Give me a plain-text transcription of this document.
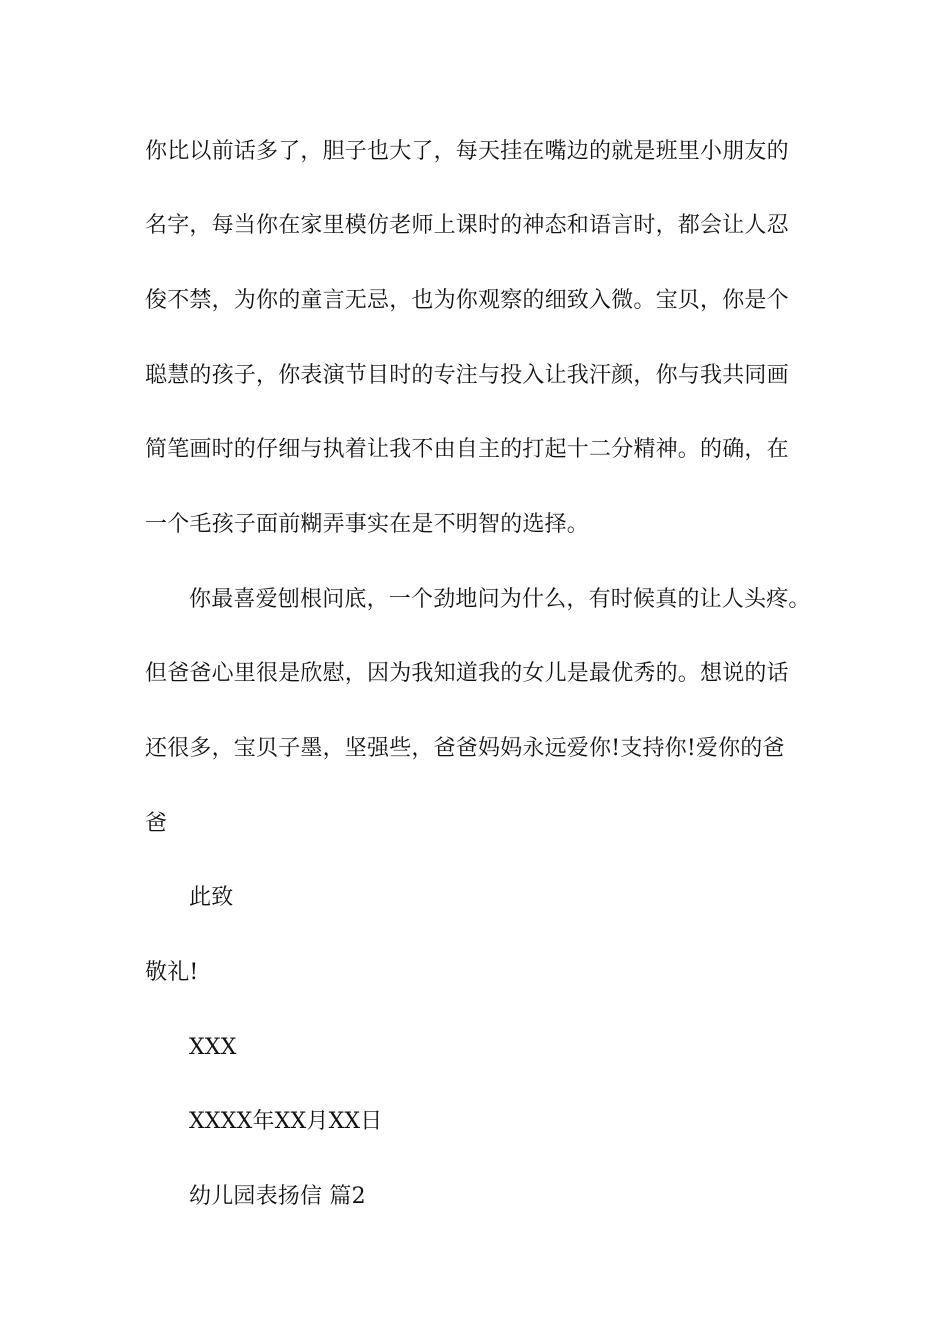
你比以前话多了，胆子也大了，每天挂在嘴边的就是班里小朋友的
名字，每当你在家里模仿老师上课时的神态和语言时，都会让人忍
俊不禁，为你的童言无忌，也为你观察的细致入微。宝贝，你是个
聪慧的孩子，你表演节目时的专注与投入让我汗颜，你与我共同画
简笔画时的仔细与执着让我不由自主的打起十二分精神。的确，在
一个毛孩子面前糊弄事实在是不明智的选择。
你最喜爱刨根问底，一个劲地问为什么，有时候真的让人头疼。
但爸爸心里很是欣慰，因为我知道我的女儿是最优秀的。想说的话
还很多，宝贝子墨，坚强些，爸爸妈妈永远爱你!支持你!爱你的爸
爸
此致
敬礼!
XXX
XXXX年XX月XX日
幼儿园表扬信 篇2
